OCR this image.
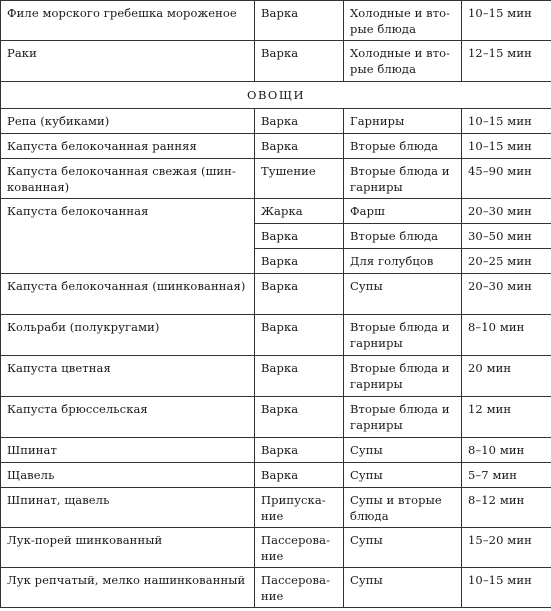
Филе морского гребешка мороженое	Варка	Холодные и вто-рые блюда	10–15 мин
Раки	Варка	Холодные и вто-рые блюда	12–15 мин
ОВОЩИ			
Репа (кубиками)	Варка	Гарниры	10–15 мин
Капуста белокочанная ранняя	Варка	Вторые блюда	10–15 мин
Капуста белокочанная свежая (шин-кованная)	Тушение	Вторые блюда и гарниры	45–90 мин
Капуста белокочанная	Жарка	Фарш	20–30 мин
	Варка	Вторые блюда	30–50 мин
	Варка	Для голубцов	20–25 мин
Капуста белокочанная (шинкованная)	Варка	Супы	20–30 мин
Кольраби (полукругами)	Варка	Вторые блюда и гарниры	8–10 мин
Капуста цветная	Варка	Вторые блюда и гарниры	20 мин
Капуста брюссельская	Варка	Вторые блюда и гарниры	12 мин
Шпинат	Варка	Супы	8–10 мин
Щавель	Варка	Супы	5–7 мин
Шпинат, щавель	Припуска-ние	Супы и вторые блюда	8–12 мин
Лук-порей шинкованный	Пассерова-ние	Супы	15–20 мин
Лук репчатый, мелко нашинкованный	Пассерова-ние	Супы	10–15 мин
